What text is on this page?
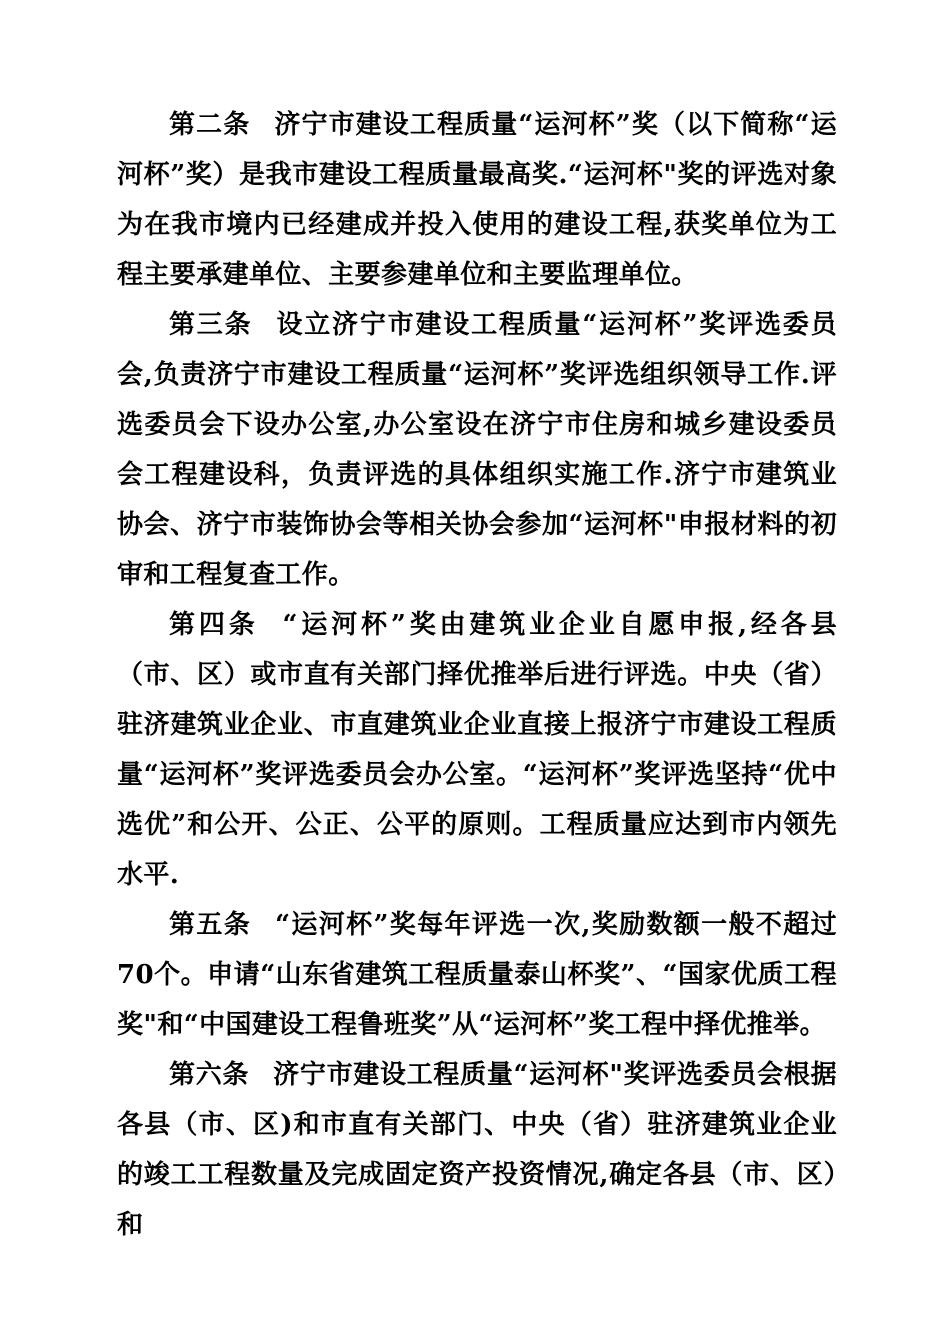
第二条 济宁市建设工程质量“运河杯”奖（以下简称“运河杯”奖）是我市建设工程质量最高奖.“运河杯"奖的评选对象为在我市境内已经建成并投入使用的建设工程,获奖单位为工程主要承建单位、主要参建单位和主要监理单位。

第三条 设立济宁市建设工程质量“运河杯”奖评选委员会,负责济宁市建设工程质量“运河杯”奖评选组织领导工作.评选委员会下设办公室,办公室设在济宁市住房和城乡建设委员会工程建设科，负责评选的具体组织实施工作.济宁市建筑业协会、济宁市装饰协会等相关协会参加“运河杯"申报材料的初审和工程复查工作。

第四条 “运河杯”奖由建筑业企业自愿申报,经各县（市、区）或市直有关部门择优推举后进行评选。中央（省）驻济建筑业企业、市直建筑业企业直接上报济宁市建设工程质量“运河杯”奖评选委员会办公室。“运河杯”奖评选坚持“优中选优”和公开、公正、公平的原则。工程质量应达到市内领先水平.

第五条 “运河杯”奖每年评选一次,奖励数额一般不超过70个。申请“山东省建筑工程质量泰山杯奖”、“国家优质工程奖"和“中国建设工程鲁班奖”从“运河杯”奖工程中择优推举。

第六条 济宁市建设工程质量“运河杯"奖评选委员会根据各县（市、区)和市直有关部门、中央（省）驻济建筑业企业的竣工工程数量及完成固定资产投资情况,确定各县（市、区）和
